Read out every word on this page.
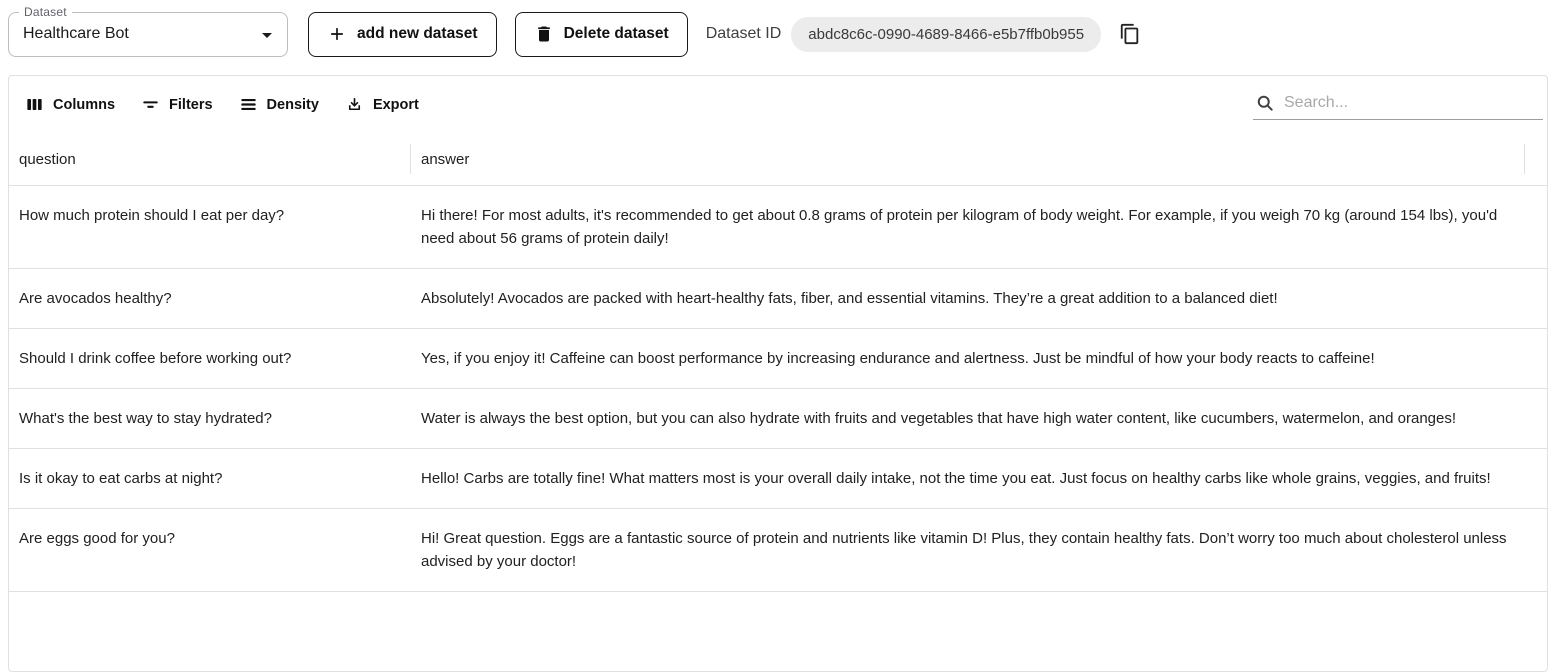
Dataset
Healthcare Bot	add new dataset	Delete dataset Dataset ID	abdc8c6c-0990-4689-8466-e5b7ffb0b955
Columns	Filters	Density	Export
Search...
question	answer
How much protein should I eat per day?	Hi there! For most adults, it's recommended to get about 0.8 grams of protein per kilogram of body weight. For example, if you weigh 70 kg (around 154 lbs), you'd need about 56 grams of protein daily!
Are avocados healthy?	Absolutely! Avocados are packed with heart-healthy fats, fiber, and essential vitamins. They’re a great addition to a balanced diet!
Should I drink coffee before working out?	Yes, if you enjoy it! Caffeine can boost performance by increasing endurance and alertness. Just be mindful of how your body reacts to caffeine!
What's the best way to stay hydrated?	Water is always the best option, but you can also hydrate with fruits and vegetables that have high water content, like cucumbers, watermelon, and oranges!
Is it okay to eat carbs at night?	Hello! Carbs are totally fine! What matters most is your overall daily intake, not the time you eat. Just focus on healthy carbs like whole grains, veggies, and fruits!
Are eggs good for you?	Hi! Great question. Eggs are a fantastic source of protein and nutrients like vitamin D! Plus, they contain healthy fats. Don’t worry too much about cholesterol unless advised by your doctor!
